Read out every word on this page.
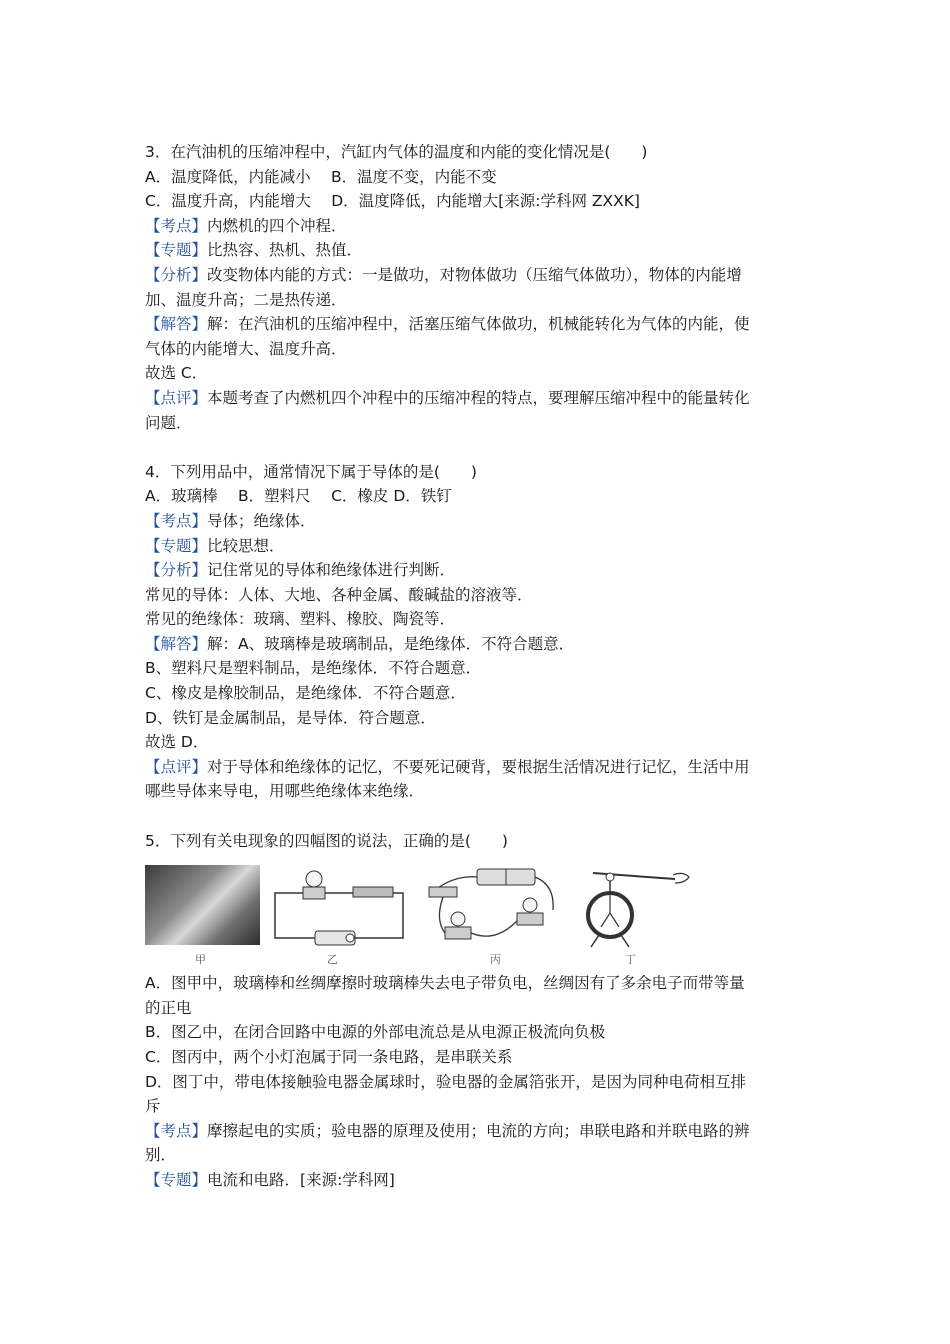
3．在汽油机的压缩冲程中，汽缸内气体的温度和内能的变化情况是(　　)
A．温度降低，内能减小　 B．温度不变，内能不变
C．温度升高，内能增大　 D．温度降低，内能增大[来源:学科网 ZXXK]
【考点】内燃机的四个冲程．
【专题】比热容、热机、热值．
【分析】改变物体内能的方式：一是做功，对物体做功（压缩气体做功），物体的内能增
加、温度升高；二是热传递．
【解答】解：在汽油机的压缩冲程中，活塞压缩气体做功，机械能转化为气体的内能，使
气体的内能增大、温度升高．
故选 C．
【点评】本题考查了内燃机四个冲程中的压缩冲程的特点，要理解压缩冲程中的能量转化
问题．
4．下列用品中，通常情况下属于导体的是(　　)
A．玻璃棒　 B．塑料尺　 C．橡皮 D．铁钉
【考点】导体；绝缘体．
【专题】比较思想．
【分析】记住常见的导体和绝缘体进行判断．
常见的导体：人体、大地、各种金属、酸碱盐的溶液等．
常见的绝缘体：玻璃、塑料、橡胶、陶瓷等．
【解答】解：A、玻璃棒是玻璃制品，是绝缘体．不符合题意．
B、塑料尺是塑料制品，是绝缘体．不符合题意．
C、橡皮是橡胶制品，是绝缘体．不符合题意．
D、铁钉是金属制品，是导体．符合题意．
故选 D．
【点评】对于导体和绝缘体的记忆，不要死记硬背，要根据生活情况进行记忆，生活中用
哪些导体来导电，用哪些绝缘体来绝缘．
5．下列有关电现象的四幅图的说法，正确的是(　　)
甲	乙	丙	丁
A．图甲中，玻璃棒和丝绸摩擦时玻璃棒失去电子带负电，丝绸因有了多余电子而带等量
的正电
B．图乙中，在闭合回路中电源的外部电流总是从电源正极流向负极
C．图丙中，两个小灯泡属于同一条电路，是串联关系
D．图丁中，带电体接触验电器金属球时，验电器的金属箔张开，是因为同种电荷相互排
斥
【考点】摩擦起电的实质；验电器的原理及使用；电流的方向；串联电路和并联电路的辨
别．
【专题】电流和电路．[来源:学科网]
